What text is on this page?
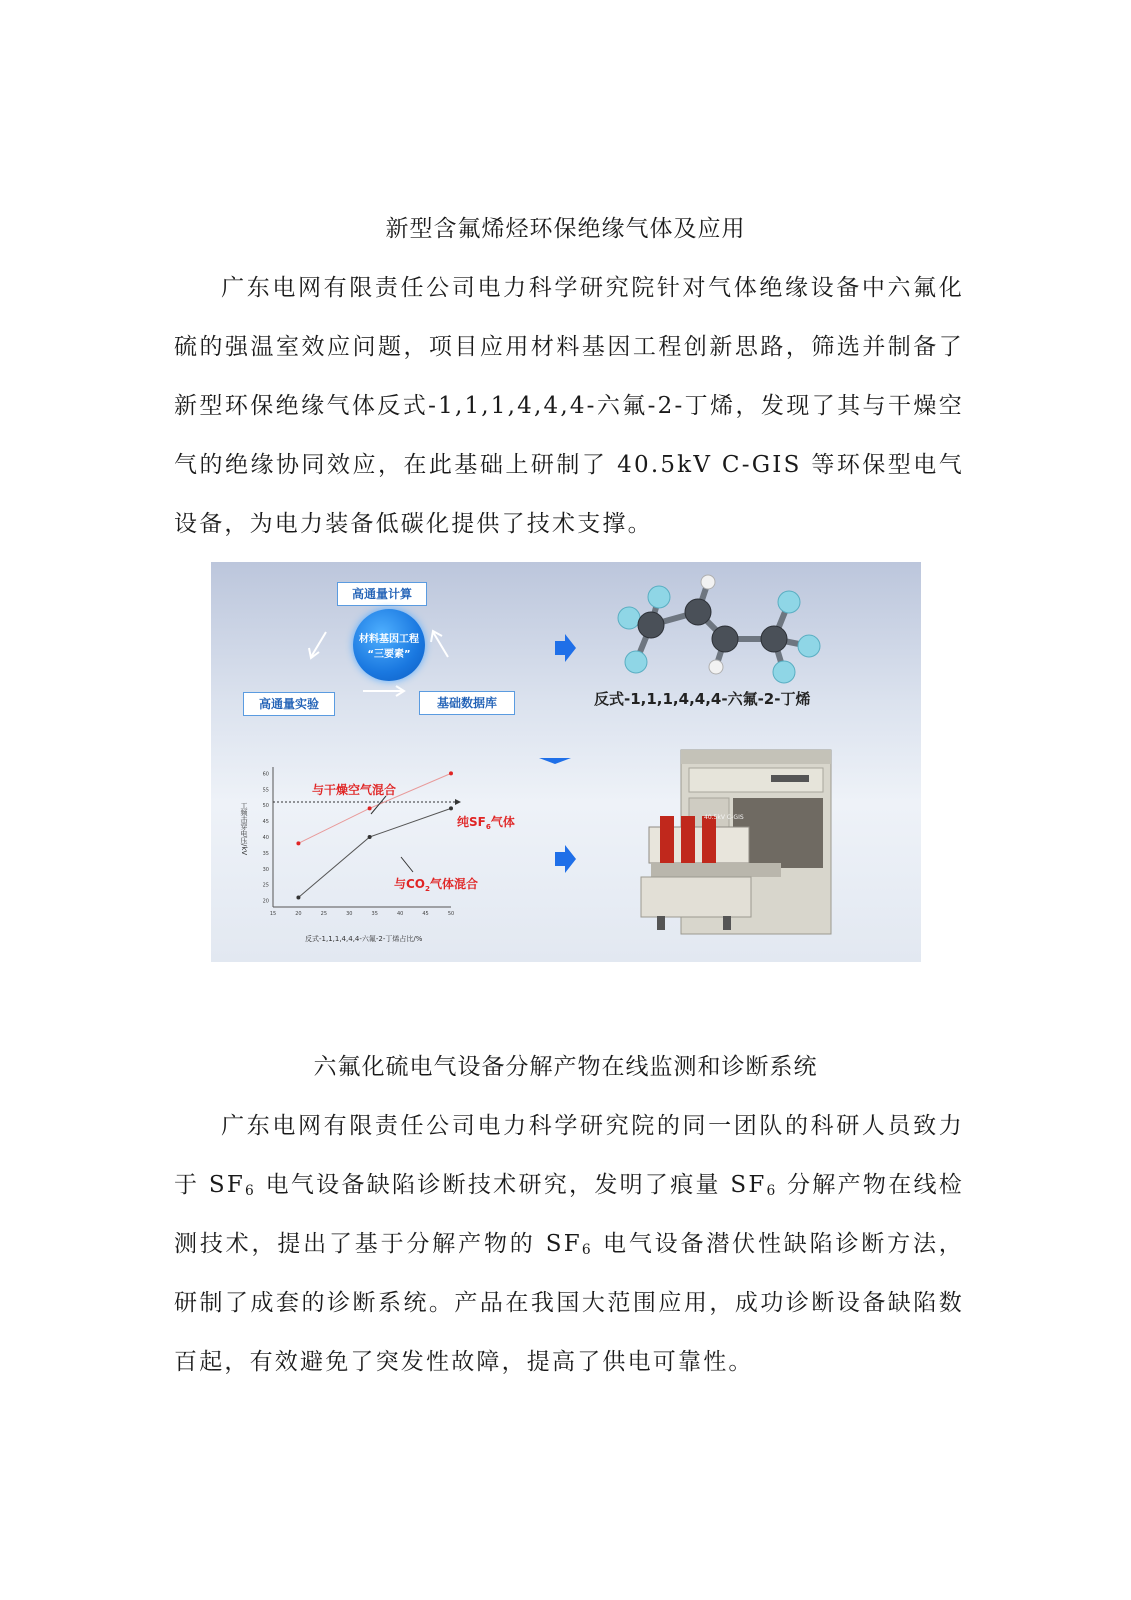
新型含氟烯烃环保绝缘气体及应用

广东电网有限责任公司电力科学研究院针对气体绝缘设备中六氟化硫的强温室效应问题，项目应用材料基因工程创新思路，筛选并制备了新型环保绝缘气体反式-1,1,1,4,4,4-六氟-2-丁烯，发现了其与干燥空气的绝缘协同效应，在此基础上研制了 40.5kV C-GIS 等环保型电气设备，为电力装备低碳化提供了技术支撑。

20
25
30
35
40
45
50
55
60
15	20	25	30	35	40	45	50
高通量计算
高通量实验	基础数据库
材料基因工程
“三要素”
反式-1,1,1,4,4,4-六氟-2-丁烯
与干燥空气混合
纯$SF_6$气体
与$CO_2$气体混合
反式-1,1,1,4,4,4-六氟-2-丁烯占比/%
工频击穿电压/kV	40.5kV C-GIS
六氟化硫电气设备分解产物在线监测和诊断系统

广东电网有限责任公司电力科学研究院的同一团队的科研人员致力于 $SF_6$ 电气设备缺陷诊断技术研究，发明了痕量 $SF_6$ 分解产物在线检测技术，提出了基于分解产物的 $SF_6$ 电气设备潜伏性缺陷诊断方法，研制了成套的诊断系统。产品在我国大范围应用，成功诊断设备缺陷数百起，有效避免了突发性故障，提高了供电可靠性。
